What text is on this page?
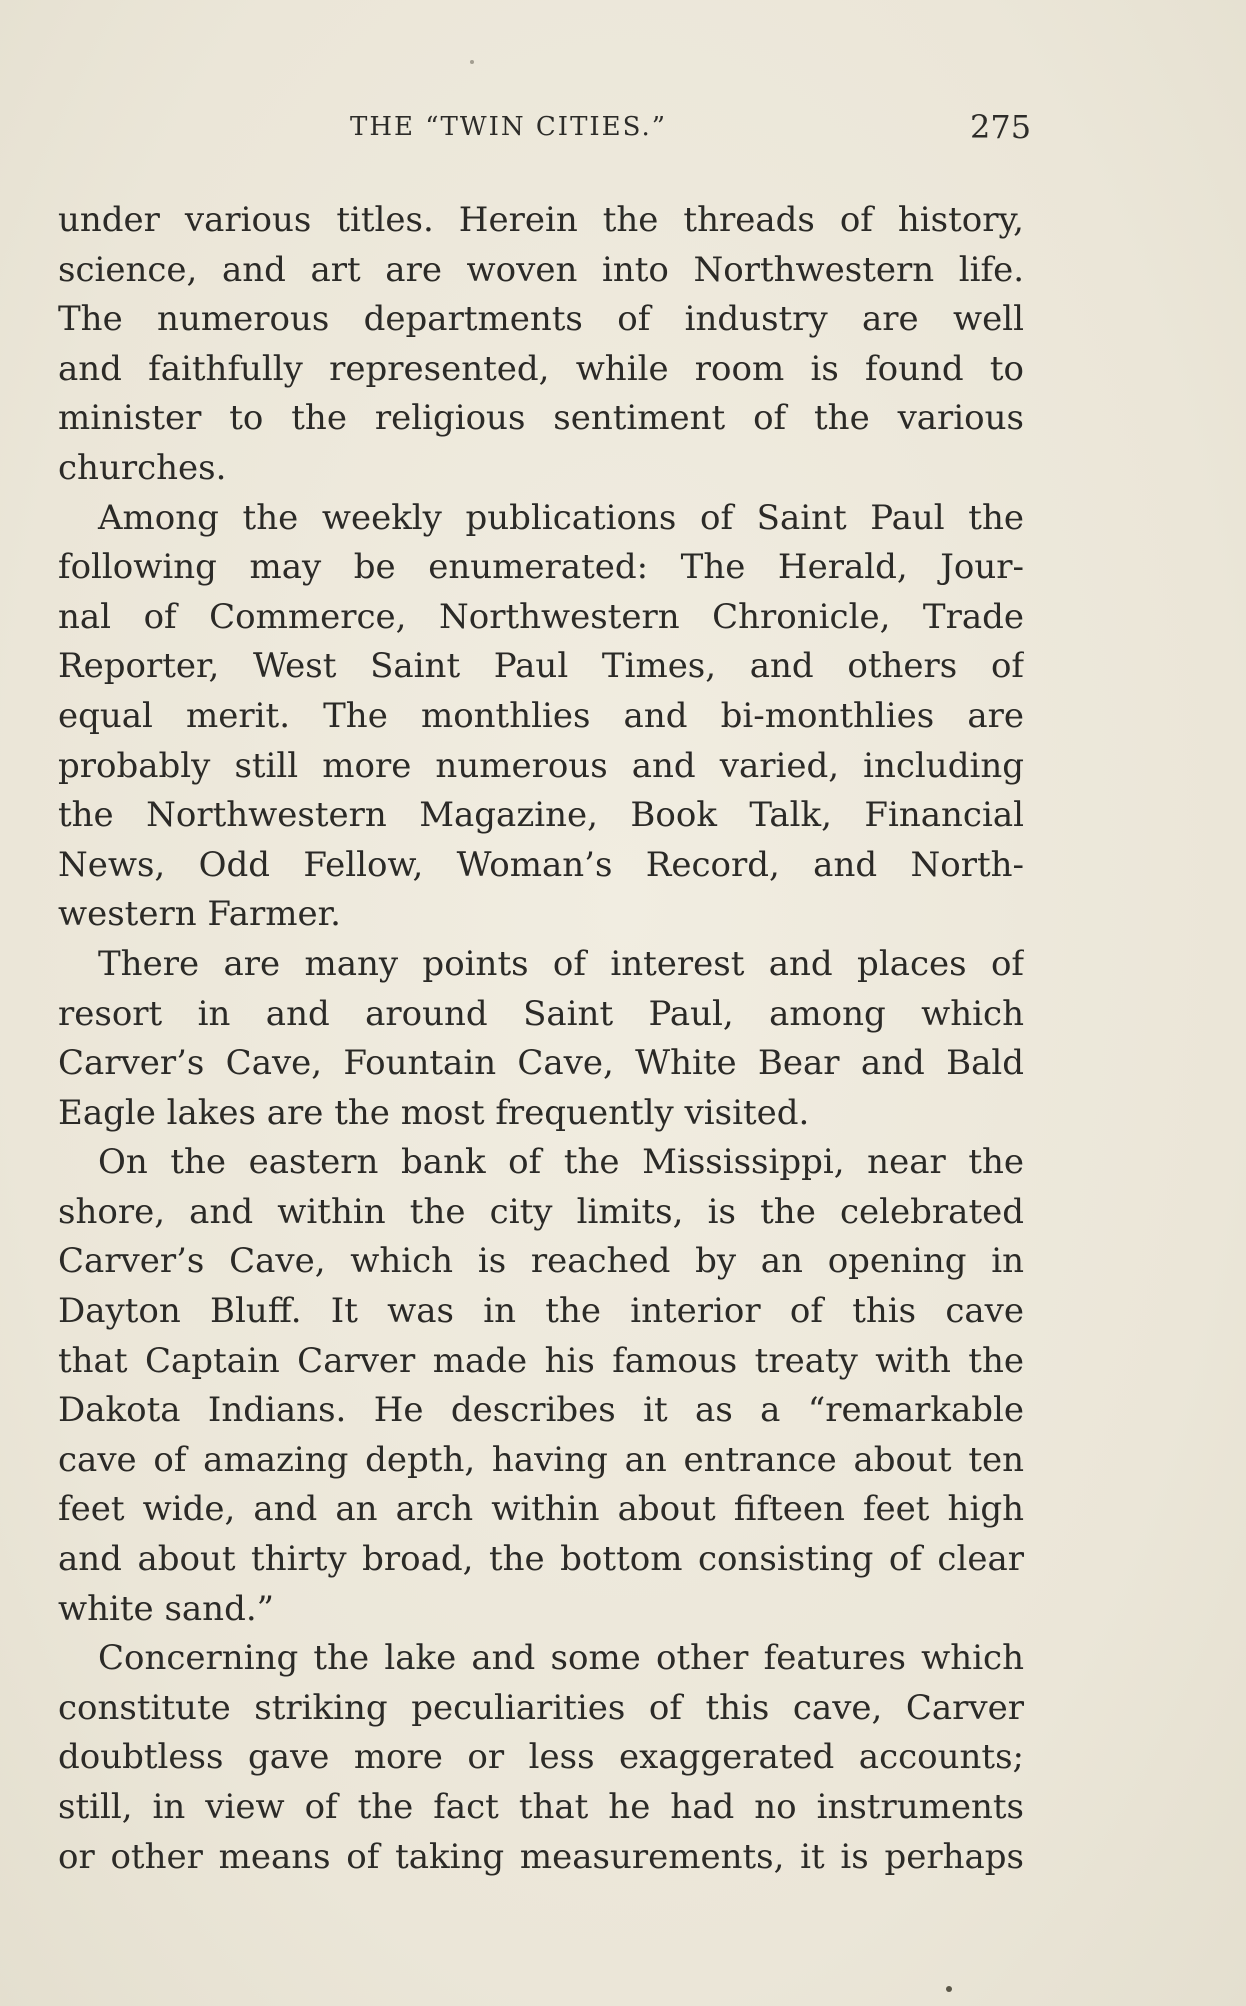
THE “TWIN CITIES.”	275
under various titles. Herein the threads of history,
science, and art are woven into Northwestern life.
The numerous departments of industry are well
and faithfully represented, while room is found to
minister to the religious sentiment of the various
churches.
Among the weekly publications of Saint Paul the
following may be enumerated: The Herald, Jour-
nal of Commerce, Northwestern Chronicle, Trade
Reporter, West Saint Paul Times, and others of
equal merit. The monthlies and bi-monthlies are
probably still more numerous and varied, including
the Northwestern Magazine, Book Talk, Financial
News, Odd Fellow, Woman’s Record, and North-
western Farmer.
There are many points of interest and places of
resort in and around Saint Paul, among which
Carver’s Cave, Fountain Cave, White Bear and Bald
Eagle lakes are the most frequently visited.
On the eastern bank of the Mississippi, near the
shore, and within the city limits, is the celebrated
Carver’s Cave, which is reached by an opening in
Dayton Bluff. It was in the interior of this cave
that Captain Carver made his famous treaty with the
Dakota Indians. He describes it as a “remarkable
cave of amazing depth, having an entrance about ten
feet wide, and an arch within about fifteen feet high
and about thirty broad, the bottom consisting of clear
white sand.”
Concerning the lake and some other features which
constitute striking peculiarities of this cave, Carver
doubtless gave more or less exaggerated accounts;
still, in view of the fact that he had no instruments
or other means of taking measurements, it is perhaps
